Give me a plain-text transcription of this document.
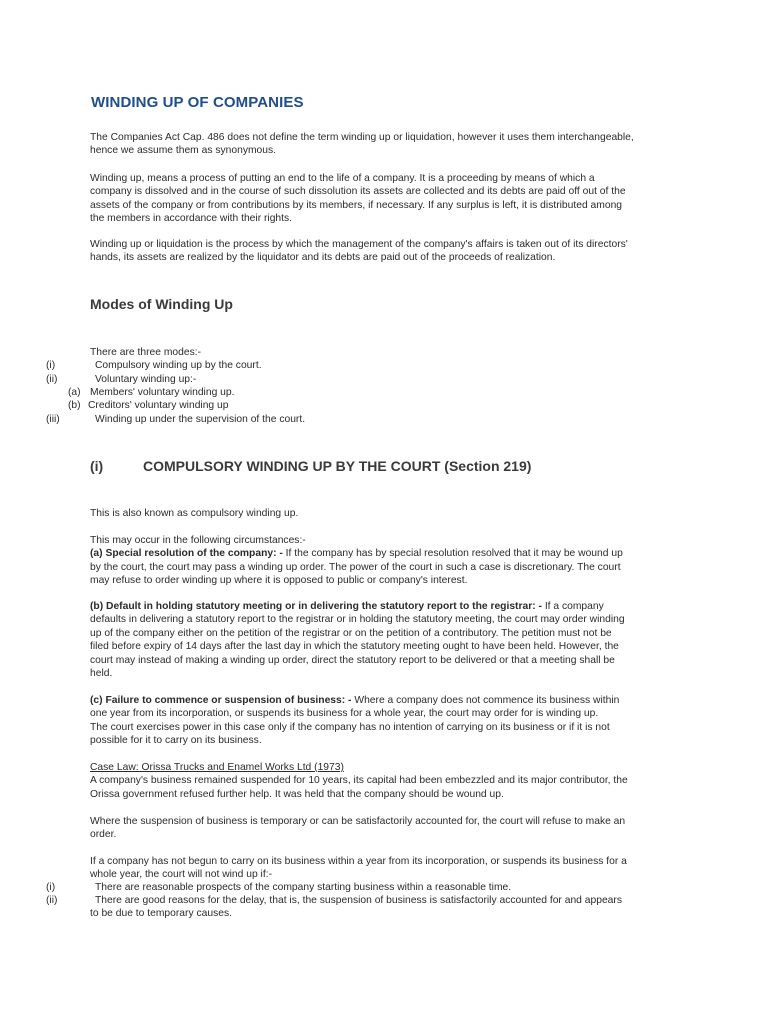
WINDING UP OF COMPANIES
The Companies Act Cap. 486 does not define the term winding up or liquidation, however it uses them interchangeable,
hence we assume them as synonymous.
Winding up, means a process of putting an end to the life of a company. It is a proceeding by means of which a
company is dissolved and in the course of such dissolution its assets are collected and its debts are paid off out of the
assets of the company or from contributions by its members, if necessary. If any surplus is left, it is distributed among
the members in accordance with their rights.
Winding up or liquidation is the process by which the management of the company's affairs is taken out of its directors'
hands, its assets are realized by the liquidator and its debts are paid out of the proceeds of realization.
Modes of Winding Up
There are three modes:-
(i)	Compulsory winding up by the court.
(ii)	Voluntary winding up:-
(a) Members' voluntary winding up.
(b) Creditors' voluntary winding up
(iii)	Winding up under the supervision of the court.
(i)	COMPULSORY WINDING UP BY THE COURT (Section 219)
This is also known as compulsory winding up.
This may occur in the following circumstances:-
(a) Special resolution of the company: - If the company has by special resolution resolved that it may be wound up
by the court, the court may pass a winding up order. The power of the court in such a case is discretionary. The court
may refuse to order winding up where it is opposed to public or company's interest.
(b) Default in holding statutory meeting or in delivering the statutory report to the registrar: - If a company
defaults in delivering a statutory report to the registrar or in holding the statutory meeting, the court may order winding
up of the company either on the petition of the registrar or on the petition of a contributory. The petition must not be
filed before expiry of 14 days after the last day in which the statutory meeting ought to have been held. However, the
court may instead of making a winding up order, direct the statutory report to be delivered or that a meeting shall be
held.
(c) Failure to commence or suspension of business: - Where a company does not commence its business within
one year from its incorporation, or suspends its business for a whole year, the court may order for is winding up.
The court exercises power in this case only if the company has no intention of carrying on its business or if it is not
possible for it to carry on its business.
Case Law: Orissa Trucks and Enamel Works Ltd (1973)
A company's business remained suspended for 10 years, its capital had been embezzled and its major contributor, the
Orissa government refused further help. It was held that the company should be wound up.
Where the suspension of business is temporary or can be satisfactorily accounted for, the court will refuse to make an
order.
If a company has not begun to carry on its business within a year from its incorporation, or suspends its business for a
whole year, the court will not wind up if:-
(i)	There are reasonable prospects of the company starting business within a reasonable time.
(ii)	There are good reasons for the delay, that is, the suspension of business is satisfactorily accounted for and appears
to be due to temporary causes.
